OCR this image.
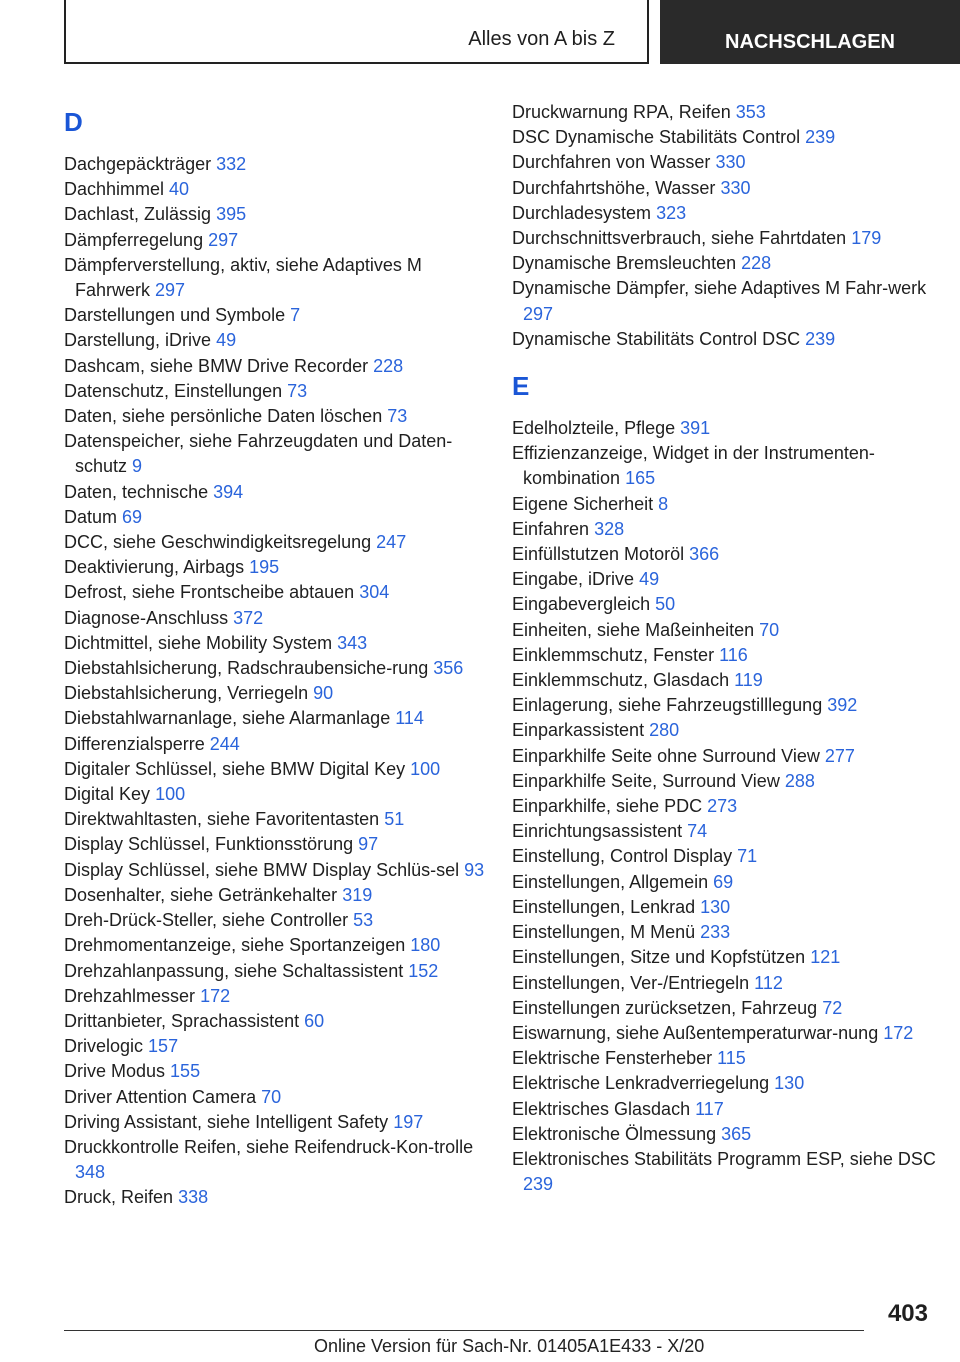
Alles von A bis Z	NACHSCHLAGEN
D
Dachgepäckträger 332
Dachhimmel 40
Dachlast, Zulässig 395
Dämpferregelung 297
Dämpferverstellung, aktiv, siehe Adaptives M Fahrwerk 297
Darstellungen und Symbole 7
Darstellung, iDrive 49
Dashcam, siehe BMW Drive Recorder 228
Datenschutz, Einstellungen 73
Daten, siehe persönliche Daten löschen 73
Datenspeicher, siehe Fahrzeugdaten und Daten-schutz 9
Daten, technische 394
Datum 69
DCC, siehe Geschwindigkeitsregelung 247
Deaktivierung, Airbags 195
Defrost, siehe Frontscheibe abtauen 304
Diagnose-Anschluss 372
Dichtmittel, siehe Mobility System 343
Diebstahlsicherung, Radschraubensiche-rung 356
Diebstahlsicherung, Verriegeln 90
Diebstahlwarnanlage, siehe Alarmanlage 114
Differenzialsperre 244
Digitaler Schlüssel, siehe BMW Digital Key 100
Digital Key 100
Direktwahltasten, siehe Favoritentasten 51
Display Schlüssel, Funktionsstörung 97
Display Schlüssel, siehe BMW Display Schlüs-sel 93
Dosenhalter, siehe Getränkehalter 319
Dreh-Drück-Steller, siehe Controller 53
Drehmomentanzeige, siehe Sportanzeigen 180
Drehzahlanpassung, siehe Schaltassistent 152
Drehzahlmesser 172
Drittanbieter, Sprachassistent 60
Drivelogic 157
Drive Modus 155
Driver Attention Camera 70
Driving Assistant, siehe Intelligent Safety 197
Druckkontrolle Reifen, siehe Reifendruck-Kon-trolle 348
Druck, Reifen 338
Druckwarnung RPA, Reifen 353
DSC Dynamische Stabilitäts Control 239
Durchfahren von Wasser 330
Durchfahrtshöhe, Wasser 330
Durchladesystem 323
Durchschnittsverbrauch, siehe Fahrtdaten 179
Dynamische Bremsleuchten 228
Dynamische Dämpfer, siehe Adaptives M Fahr-werk 297
Dynamische Stabilitäts Control DSC 239
E
Edelholzteile, Pflege 391
Effizienzanzeige, Widget in der Instrumenten-kombination 165
Eigene Sicherheit 8
Einfahren 328
Einfüllstutzen Motoröl 366
Eingabe, iDrive 49
Eingabevergleich 50
Einheiten, siehe Maßeinheiten 70
Einklemmschutz, Fenster 116
Einklemmschutz, Glasdach 119
Einlagerung, siehe Fahrzeugstilllegung 392
Einparkassistent 280
Einparkhilfe Seite ohne Surround View 277
Einparkhilfe Seite, Surround View 288
Einparkhilfe, siehe PDC 273
Einrichtungsassistent 74
Einstellung, Control Display 71
Einstellungen, Allgemein 69
Einstellungen, Lenkrad 130
Einstellungen, M Menü 233
Einstellungen, Sitze und Kopfstützen 121
Einstellungen, Ver-/Entriegeln 112
Einstellungen zurücksetzen, Fahrzeug 72
Eiswarnung, siehe Außentemperaturwar-nung 172
Elektrische Fensterheber 115
Elektrische Lenkradverriegelung 130
Elektrisches Glasdach 117
Elektronische Ölmessung 365
Elektronisches Stabilitäts Programm ESP, siehe DSC 239
403
Online Version für Sach-Nr. 01405A1E433 - X/20
